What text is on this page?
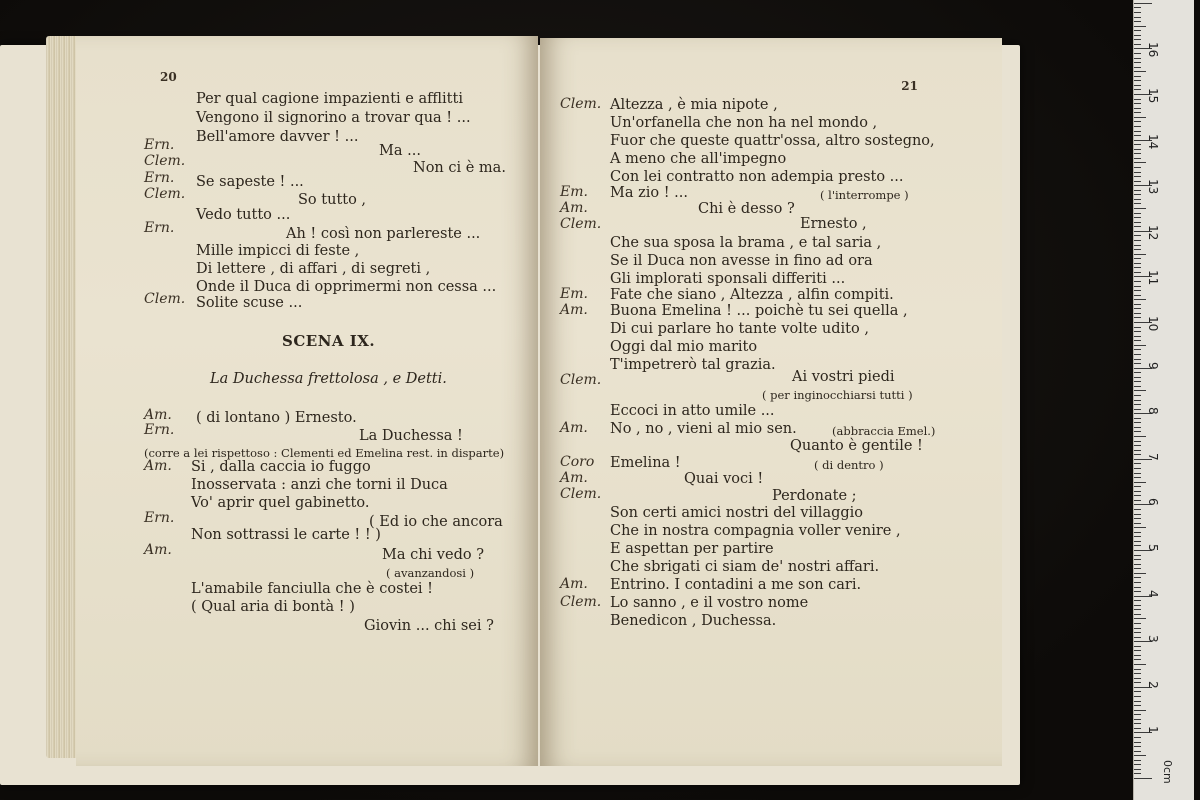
20
Per qual cagione impazienti e afflitti
Vengono il signorino a trovar qua ! ...
Bell'amore davver ! ...
Ern.	Ma ...
Clem.	Non ci è ma.
Ern. Se sapeste ! ...
Clem.	So tutto ,
Vedo tutto ...
Ern.	Ah ! così non parlereste ...
Mille impicci di feste ,
Di lettere , di affari , di segreti ,
Onde il Duca di opprimermi non cessa ...
Clem. Solite scuse ...
SCENA IX.
La Duchessa frettolosa , e Detti.
Am. ( di lontano ) Ernesto.
Ern.	La Duchessa !
(corre a lei rispettoso : Clementi ed Emelina rest. in disparte)
Am. Si , dalla caccia io fuggo
Inosservata : anzi che torni il Duca
Vo' aprir quel gabinetto.
Ern.	( Ed io che ancora
Non sottrassi le carte ! ! )
Am.	Ma chi vedo ?
( avanzandosi )
L'amabile fanciulla che è costei !
( Qual aria di bontà ! )
Giovin ... chi sei ?
21
Clem. Altezza , è mia nipote ,
Un'orfanella che non ha nel mondo ,
Fuor che queste quattr'ossa, altro sostegno,
A meno che all'impegno
Con lei contratto non adempia presto ...
Em. Ma zio ! ...	( l'interrompe )
Am.	Chi è desso ?
Clem.	Ernesto ,
Che sua sposa la brama , e tal saria ,
Se il Duca non avesse in fino ad ora
Gli implorati sponsali differiti ...
Em. Fate che siano , Altezza , alfin compiti.
Am. Buona Emelina ! ... poichè tu sei quella ,
Di cui parlare ho tante volte udito ,
Oggi dal mio marito
T'impetrerò tal grazia.
Clem.	Ai vostri piedi
( per inginocchiarsi tutti )
Eccoci in atto umile ...
Am. No , no , vieni al mio sen.	(abbraccia Emel.)
Quanto è gentile !
Coro Emelina !	( di dentro )
Am.	Quai voci !
Clem.	Perdonate ;
Son certi amici nostri del villaggio
Che in nostra compagnia voller venire ,
E aspettan per partire
Che sbrigati ci siam de' nostri affari.
Am. Entrino. I contadini a me son cari.
Clem. Lo sanno , e il vostro nome
Benedicon , Duchessa.
0cm
1
2
3
4
5
6
7
8
9
10
11
12
13
14
15
16
